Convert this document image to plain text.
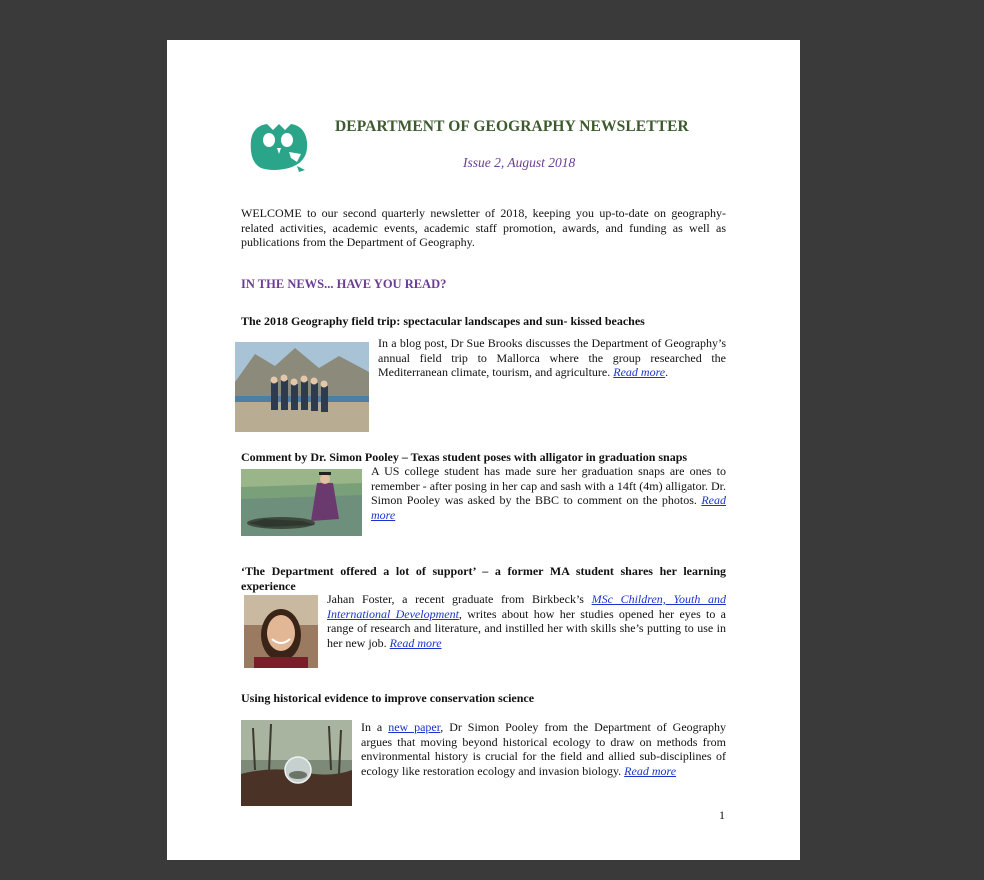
DEPARTMENT OF GEOGRAPHY NEWSLETTER
Issue 2, August 2018
WELCOME to our second quarterly newsletter of 2018, keeping you up-to-date on geography-related activities, academic events, academic staff promotion, awards, and funding as well as publications from the Department of Geography.
IN THE NEWS... HAVE YOU READ?
The 2018 Geography field trip: spectacular landscapes and sun- kissed beaches
In a blog post, Dr Sue Brooks discusses the Department of Geography’s annual field trip to Mallorca where the group researched the Mediterranean climate, tourism, and agriculture. Read more.
Comment by Dr. Simon Pooley – Texas student poses with alligator in graduation snaps
A US college student has made sure her graduation snaps are ones to remember - after posing in her cap and sash with a 14ft (4m) alligator. Dr. Simon Pooley was asked by the BBC to comment on the photos. Read more
‘The Department offered a lot of support’ – a former MA student shares her learning experience
Jahan Foster, a recent graduate from Birkbeck’s MSc Children, Youth and International Development, writes about how her studies opened her eyes to a range of research and literature, and instilled her with skills she’s putting to use in her new job. Read more
Using historical evidence to improve conservation science
In a new paper, Dr Simon Pooley from the Department of Geography argues that moving beyond historical ecology to draw on methods from environmental history is crucial for the field and allied sub-disciplines of ecology like restoration ecology and invasion biology. Read more
1
